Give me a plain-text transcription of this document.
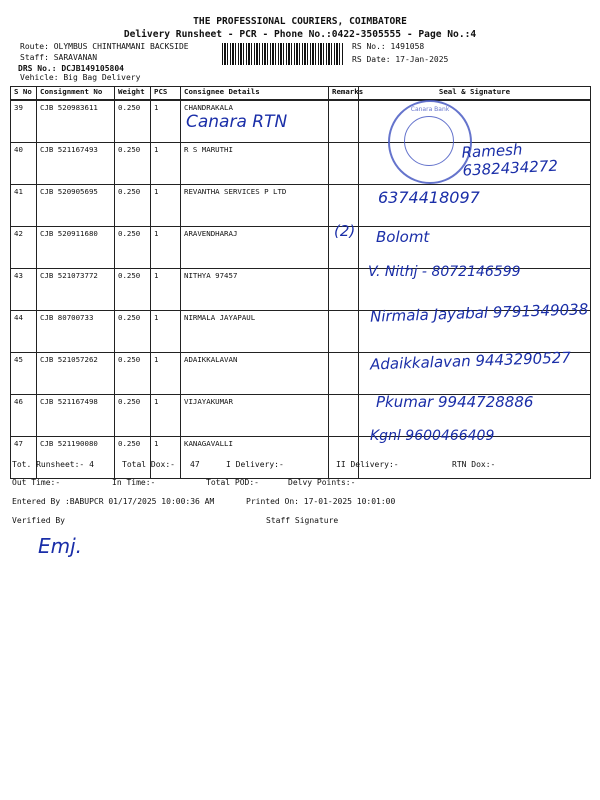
THE PROFESSIONAL COURIERS, COIMBATORE
Delivery Runsheet - PCR - Phone No.:0422-3505555 - Page No.:4
Route: OLYMBUS CHINTHAMANI BACKSIDE
Staff: SARAVANAN
DRS No.: DCJB149105804
Vehicle: Big Bag Delivery
RS No.: 1491058
RS Date: 17-Jan-2025
S No	Consignment No	Weight	PCS	Consignee Details	Remarks	Seal & Signature
39	CJB 520983611	0.250	1	CHANDRAKALA		
40	CJB 521167493	0.250	1	R S MARUTHI		
41	CJB 520905695	0.250	1	REVANTHA SERVICES P LTD		
42	CJB 520911680	0.250	1	ARAVENDHARAJ		
43	CJB 521073772	0.250	1	NITHYA 97457		
44	CJB 80700733	0.250	1	NIRMALA JAYAPAUL		
45	CJB 521057262	0.250	1	ADAIKKALAVAN		
46	CJB 521167498	0.250	1	VIJAYAKUMAR		
47	CJB 521190080	0.250	1	KANAGAVALLI		
Canara Bank
Canara RTN
Ramesh 6382434272
6374418097
(2) Bolomt
V. Nithj - 8072146599
Nirmala Jayabal 9791349038
Adaikkalavan 9443290527
Pkumar 9944728886
Kgnl 9600466409
Tot. Runsheet:- 4	Total Dox:- 47	I Delivery:-	II Delivery:-	RTN Dox:-
Out Time:-	In Time:-	Total POD:-	Delvy Points:-
Entered By :BABUPCR 01/17/2025 10:00:36 AM	Printed On: 17-01-2025 10:01:00
Verified By	Staff Signature
Emj.
